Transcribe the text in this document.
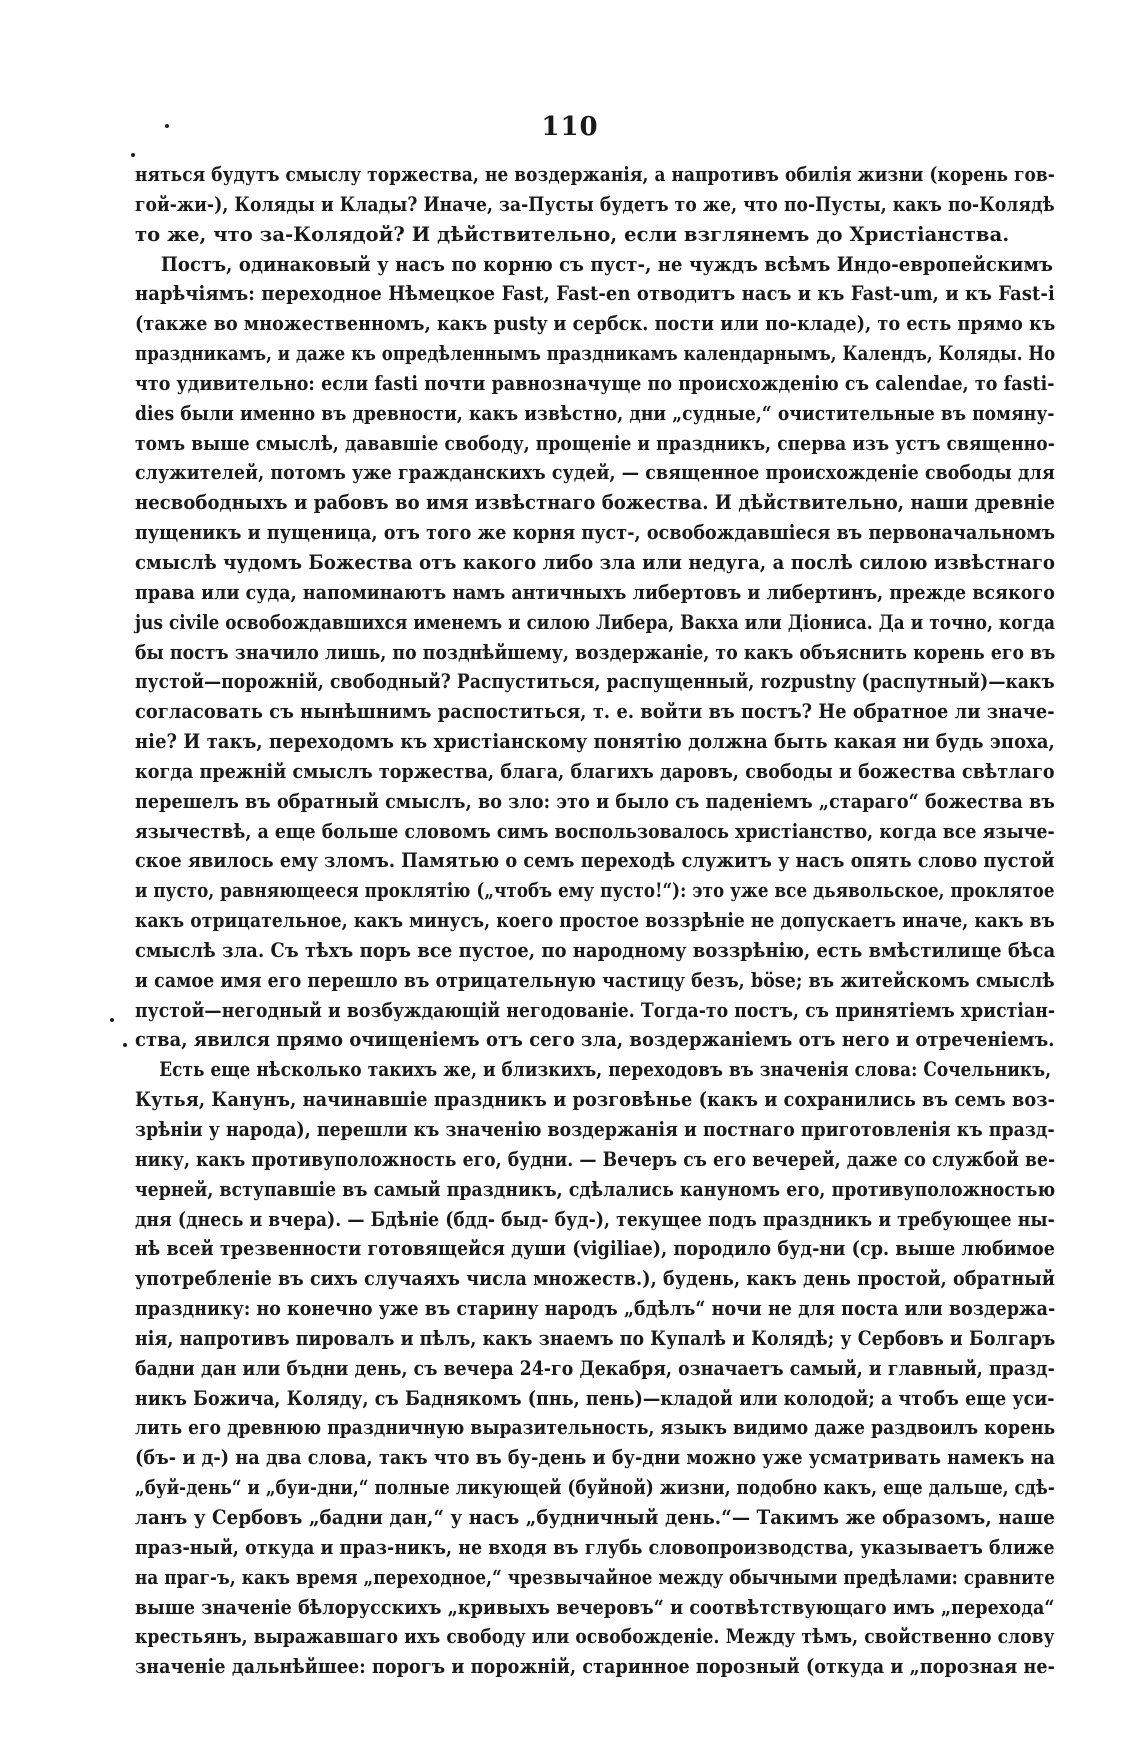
110
няться будутъ смыслу торжества, не воздержанія, а напротивъ обилія жизни (корень гов-
гой-жи-), Коляды и Клады? Иначе, за-Пусты будетъ то же, что по-Пусты, какъ по-Колядѣ
то же, что за-Колядой? И дѣйствительно, если взглянемъ до Христіанства.
Постъ, одинаковый у насъ по корню съ пуст-, не чуждъ всѣмъ Индо-европейскимъ
нарѣчіямъ: переходное Нѣмецкое Fast, Fast-en отводитъ насъ и къ Fast-um, и къ Fast-i
(также во множественномъ, какъ pusty и сербск. пости или по-кладе), то есть прямо къ
праздникамъ, и даже къ опредѣленнымъ праздникамъ календарнымъ, Календъ, Коляды. Но
что удивительно: если fasti почти равнозначуще по происхожденію съ calendae, то fasti-
dies были именно въ древности, какъ извѣстно, дни „судные,“ очистительные въ помяну-
томъ выше смыслѣ, дававшіе свободу, прощеніе и праздникъ, сперва изъ устъ священно-
служителей, потомъ уже гражданскихъ судей, — священное происхожденіе свободы для
несвободныхъ и рабовъ во имя извѣстнаго божества. И дѣйствительно, наши древніе
пущеникъ и пущеница, отъ того же корня пуст-, освобождавшіеся въ первоначальномъ
смыслѣ чудомъ Божества отъ какого либо зла или недуга, а послѣ силою извѣстнаго
права или суда, напоминаютъ намъ античныхъ либертовъ и либертинъ, прежде всякого
jus civile освобождавшихся именемъ и силою Либера, Вакха или Діониса. Да и точно, когда
бы постъ значило лишь, по позднѣйшему, воздержаніе, то какъ объяснить корень его въ
пустой—порожній, свободный? Распуститься, распущенный, rozpustny (распутный)—какъ
согласовать съ нынѣшнимъ распоститься, т. е. войти въ постъ? Не обратное ли значе-
ніе? И такъ, переходомъ къ христіанскому понятію должна быть какая ни будь эпоха,
когда прежній смыслъ торжества, блага, благихъ даровъ, свободы и божества свѣтлаго
перешелъ въ обратный смыслъ, во зло: это и было съ паденіемъ „стараго“ божества въ
язычествѣ, а еще больше словомъ симъ воспользовалось христіанство, когда все языче-
ское явилось ему зломъ. Памятью о семъ переходѣ служитъ у насъ опять слово пустой
и пусто, равняющееся проклятію („чтобъ ему пусто!“): это уже все дьявольское, проклятое
какъ отрицательное, какъ минусъ, коего простое воззрѣніе не допускаетъ иначе, какъ въ
смыслѣ зла. Съ тѣхъ поръ все пустое, по народному воззрѣнію, есть вмѣстилище бѣса
и самое имя его перешло въ отрицательную частицу безъ, böse; въ житейскомъ смыслѣ
пустой—негодный и возбуждающій негодованіе. Тогда-то постъ, съ принятіемъ христіан-
ства, явился прямо очищеніемъ отъ сего зла, воздержаніемъ отъ него и отреченіемъ.
Есть еще нѣсколько такихъ же, и близкихъ, переходовъ въ значенія слова: Сочельникъ,
Кутья, Канунъ, начинавшіе праздникъ и розговѣнье (какъ и сохранились въ семъ воз-
зрѣніи у народа), перешли къ значенію воздержанія и постнаго приготовленія къ празд-
нику, какъ противуположность его, будни. — Вечеръ съ его вечерей, даже со службой ве-
черней, вступавшіе въ самый праздникъ, сдѣлались кануномъ его, противуположностью
дня (днесь и вчера). — Бдѣніе (бдд- быд- буд-), текущее подъ праздникъ и требующее ны-
нѣ всей трезвенности готовящейся души (vigiliae), породило буд-ни (ср. выше любимое
употребленіе въ сихъ случаяхъ числа множеств.), будень, какъ день простой, обратный
празднику: но конечно уже въ старину народъ „бдѣлъ“ ночи не для поста или воздержа-
нія, напротивъ пировалъ и пѣлъ, какъ знаемъ по Купалѣ и Колядѣ; у Сербовъ и Болгаръ
бадни дан или бъдни день, съ вечера 24-го Декабря, означаетъ самый, и главный, празд-
никъ Божича, Коляду, съ Баднякомъ (пнь, пень)—кладой или колодой; а чтобъ еще уси-
лить его древнюю праздничную выразительность, языкъ видимо даже раздвоилъ корень
(бъ- и д-) на два слова, такъ что въ бу-день и бу-дни можно уже усматривать намекъ на
„буй-день“ и „буи-дни,“ полные ликующей (буйной) жизни, подобно какъ, еще дальше, сдѣ-
ланъ у Сербовъ „бадни дан,“ у насъ „будничный день.“— Такимъ же образомъ, наше
праз-ный, откуда и праз-никъ, не входя въ глубь словопроизводства, указываетъ ближе
на праг-ъ, какъ время „переходное,“ чрезвычайное между обычными предѣлами: сравните
выше значеніе бѣлорусскихъ „кривыхъ вечеровъ“ и соотвѣтствующаго имъ „перехода“
крестьянъ, выражавшаго ихъ свободу или освобожденіе. Между тѣмъ, свойственно слову
значеніе дальнѣйшее: порогъ и порожній, старинное порозный (откуда и „порозная не-
